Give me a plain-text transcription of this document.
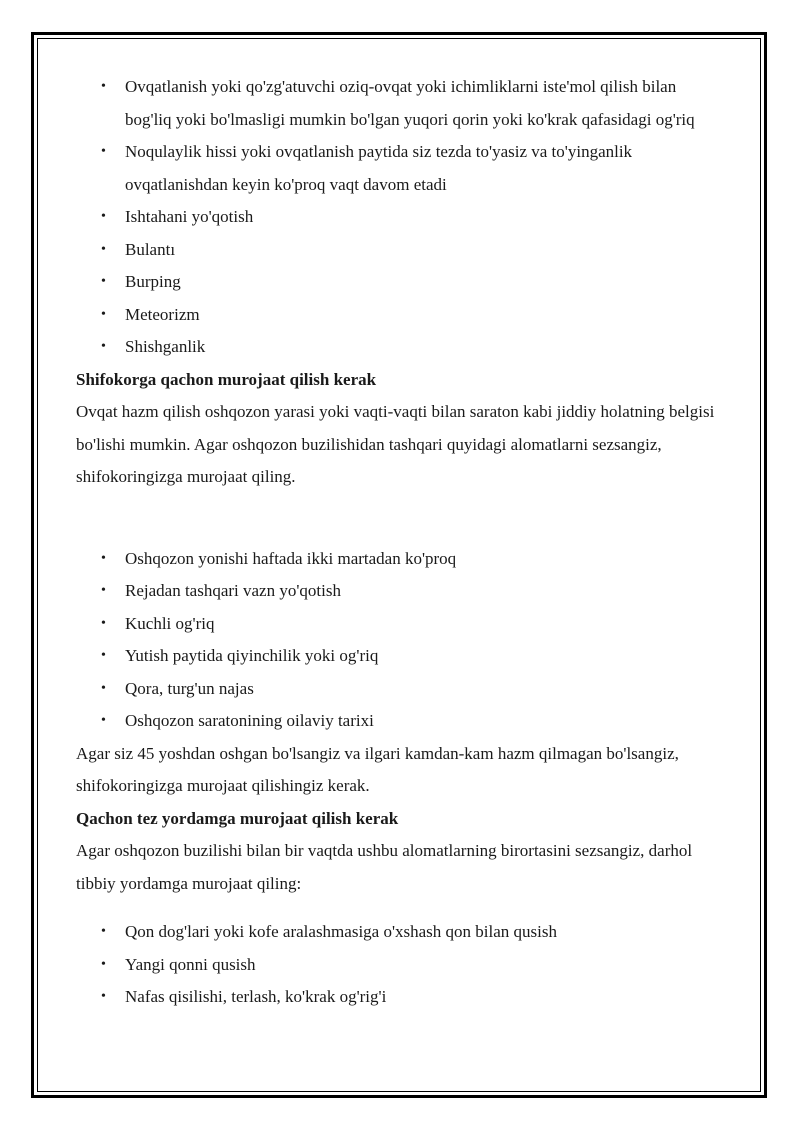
• Ovqatlanish yoki qo'zg'atuvchi oziq-ovqat yoki ichimliklarni iste'mol qilish bilan bog'liq yoki bo'lmasligi mumkin bo'lgan yuqori qorin yoki ko'krak qafasidagi og'riq
• Noqulaylik hissi yoki ovqatlanish paytida siz tezda to'yasiz va to'yinganlik ovqatlanishdan keyin ko'proq vaqt davom etadi
• Ishtahani yo'qotish
• Bulantı
• Burping
• Meteorizm
• Shishganlik

Shifokorga qachon murojaat qilish kerak

Ovqat hazm qilish oshqozon yarasi yoki vaqti-vaqti bilan saraton kabi jiddiy holatning belgisi bo'lishi mumkin. Agar oshqozon buzilishidan tashqari quyidagi alomatlarni sezsangiz, shifokoringizga murojaat qiling.

• Oshqozon yonishi haftada ikki martadan ko'proq
• Rejadan tashqari vazn yo'qotish
• Kuchli og'riq
• Yutish paytida qiyinchilik yoki og'riq
• Qora, turg'un najas
• Oshqozon saratonining oilaviy tarixi

Agar siz 45 yoshdan oshgan bo'lsangiz va ilgari kamdan-kam hazm qilmagan bo'lsangiz, shifokoringizga murojaat qilishingiz kerak.

Qachon tez yordamga murojaat qilish kerak

Agar oshqozon buzilishi bilan bir vaqtda ushbu alomatlarning birortasini sezsangiz, darhol tibbiy yordamga murojaat qiling:

• Qon dog'lari yoki kofe aralashmasiga o'xshash qon bilan qusish
• Yangi qonni qusish
• Nafas qisilishi, terlash, ko'krak og'rig'i
